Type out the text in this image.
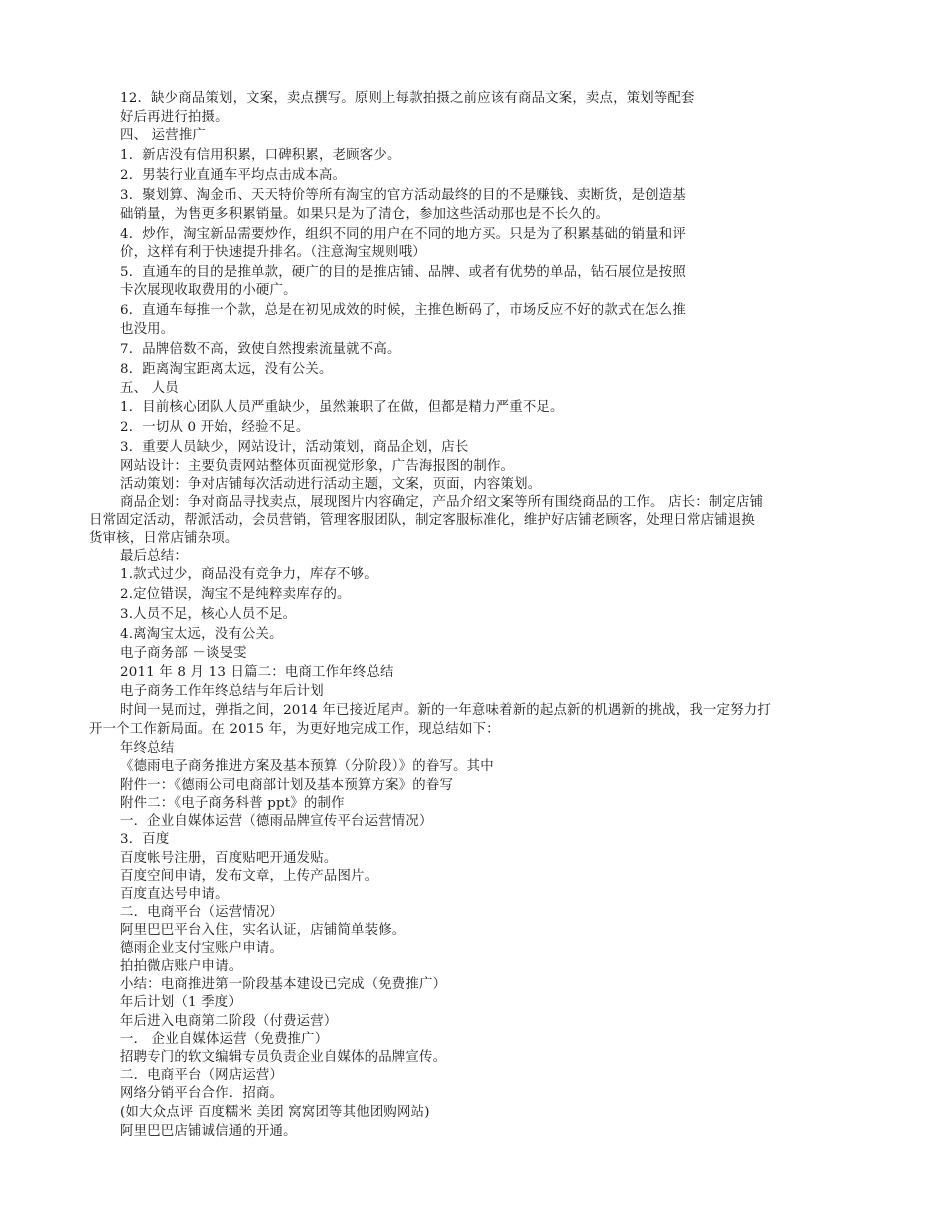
12．缺少商品策划，文案，卖点撰写。原则上每款拍摄之前应该有商品文案，卖点，策划等配套
好后再进行拍摄。
四、 运营推广
1．新店没有信用积累，口碑积累，老顾客少。
2．男装行业直通车平均点击成本高。
3．聚划算、淘金币、天天特价等所有淘宝的官方活动最终的目的不是赚钱、卖断货，是创造基
础销量，为售更多积累销量。如果只是为了清仓，参加这些活动那也是不长久的。
4．炒作，淘宝新品需要炒作，组织不同的用户在不同的地方买。只是为了积累基础的销量和评
价，这样有利于快速提升排名。（注意淘宝规则哦）
5．直通车的目的是推单款，硬广的目的是推店铺、品牌、或者有优势的单品，钻石展位是按照
卡次展现收取费用的小硬广。
6．直通车每推一个款，总是在初见成效的时候，主推色断码了，市场反应不好的款式在怎么推
也没用。
7．品牌倍数不高，致使自然搜索流量就不高。
8．距离淘宝距离太远，没有公关。
五、 人员
1．目前核心团队人员严重缺少，虽然兼职了在做，但都是精力严重不足。
2．一切从 0 开始，经验不足。
3．重要人员缺少，网站设计，活动策划，商品企划，店长
网站设计：主要负责网站整体页面视觉形象，广告海报图的制作。
活动策划：争对店铺每次活动进行活动主题，文案，页面，内容策划。
商品企划：争对商品寻找卖点，展现图片内容确定，产品介绍文案等所有围绕商品的工作。 店长：制定店铺
日常固定活动，帮派活动，会员营销，管理客服团队，制定客服标准化，维护好店铺老顾客，处理日常店铺退换
货审核，日常店铺杂项。
最后总结：
1.款式过少，商品没有竞争力，库存不够。
2.定位错误，淘宝不是纯粹卖库存的。
3.人员不足，核心人员不足。
4.离淘宝太远，没有公关。
电子商务部 －谈旻雯
2011 年 8 月 13 日篇二：电商工作年终总结
电子商务工作年终总结与年后计划
时间一晃而过，弹指之间，2014 年已接近尾声。新的一年意味着新的起点新的机遇新的挑战，我一定努力打
开一个工作新局面。在 2015 年，为更好地完成工作，现总结如下：
年终总结
《德雨电子商务推进方案及基本预算（分阶段）》的眷写。其中
附件一：《德雨公司电商部计划及基本预算方案》的眷写
附件二：《电子商务科普 ppt》的制作
一．企业自媒体运营（德雨品牌宣传平台运营情况）
3．百度
百度帐号注册，百度贴吧开通发贴。
百度空间申请，发布文章，上传产品图片。
百度直达号申请。
二．电商平台（运营情况）
阿里巴巴平台入住，实名认证，店铺简单装修。
德雨企业支付宝账户申请。
拍拍微店账户申请。
小结：电商推进第一阶段基本建设已完成（免费推广）
年后计划（1 季度）
年后进入电商第二阶段（付费运营）
一． 企业自媒体运营（免费推广）
招聘专门的软文编辑专员负责企业自媒体的品牌宣传。
二．电商平台（网店运营）
网络分销平台合作．招商。
(如大众点评 百度糯米 美团 窝窝团等其他团购网站)
阿里巴巴店铺诚信通的开通。
